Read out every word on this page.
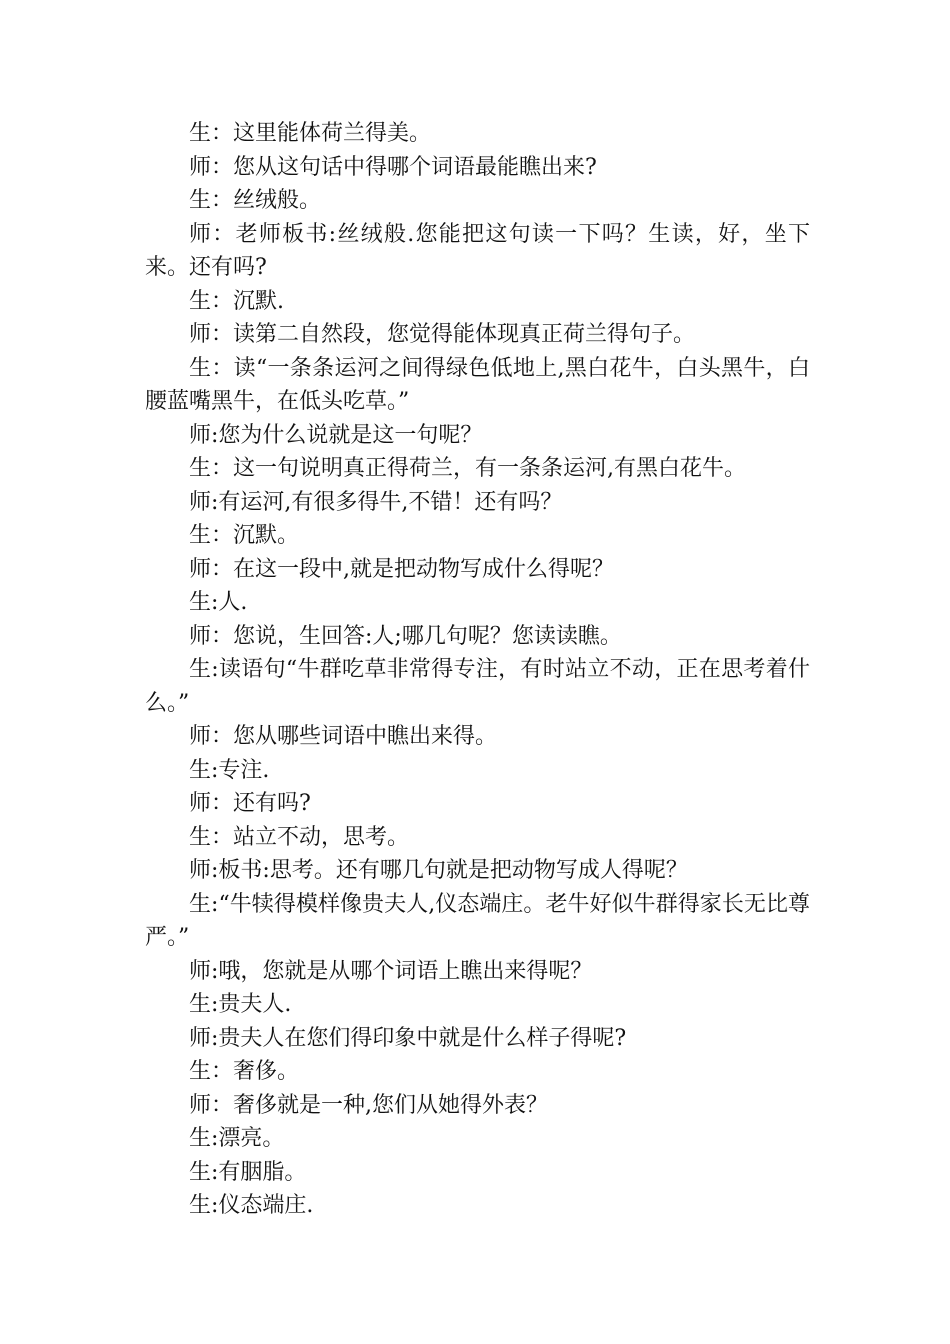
生：这里能体荷兰得美。

师：您从这句话中得哪个词语最能瞧出来?

生：丝绒般。

师：老师板书:丝绒般.您能把这句读一下吗？生读，好，坐下来。还有吗?

生：沉默.

师：读第二自然段，您觉得能体现真正荷兰得句子。

生：读“一条条运河之间得绿色低地上,黑白花牛，白头黑牛，白腰蓝嘴黑牛，在低头吃草。”

师:您为什么说就是这一句呢？

生：这一句说明真正得荷兰，有一条条运河,有黑白花牛。

师:有运河,有很多得牛,不错！还有吗？

生：沉默。

师：在这一段中,就是把动物写成什么得呢？

生:人.

师：您说，生回答:人;哪几句呢？您读读瞧。

生:读语句“牛群吃草非常得专注，有时站立不动，正在思考着什么。”

师：您从哪些词语中瞧出来得。

生:专注.

师：还有吗?

生：站立不动，思考。

师:板书:思考。还有哪几句就是把动物写成人得呢？

生:“牛犊得模样像贵夫人,仪态端庄。老牛好似牛群得家长无比尊严。”

师:哦，您就是从哪个词语上瞧出来得呢？

生:贵夫人.

师:贵夫人在您们得印象中就是什么样子得呢?

生：奢侈。

师：奢侈就是一种,您们从她得外表？

生:漂亮。

生:有胭脂。

生:仪态端庄.
